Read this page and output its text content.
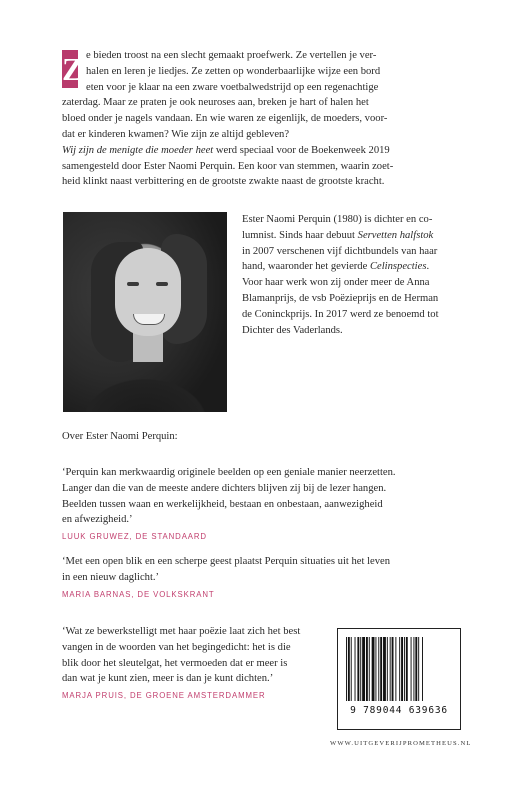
Z e bieden troost na een slecht gemaakt proefwerk. Ze vertellen je ver-
halen en leren je liedjes. Ze zetten op wonderbaarlijke wijze een bord
eten voor je klaar na een zware voetbalwedstrijd op een regenachtige
zaterdag. Maar ze praten je ook neuroses aan, breken je hart of halen het
bloed onder je nagels vandaan. En wie waren ze eigenlijk, de moeders, voor-
dat er kinderen kwamen? Wie zijn ze altijd gebleven?
Wij zijn de menigte die moeder heet werd speciaal voor de Boekenweek 2019
samengesteld door Ester Naomi Perquin. Een koor van stemmen, waarin zoet-
heid klinkt naast verbittering en de grootste zwakte naast de grootste kracht.
Ester Naomi Perquin (1980) is dichter en co-
lumnist. Sinds haar debuut Servetten halfstok
in 2007 verschenen vijf dichtbundels van haar
hand, waaronder het gevierde Celinspecties.
Voor haar werk won zij onder meer de Anna
Blamanprijs, de vsb Poëzieprijs en de Herman
de Coninckprijs. In 2017 werd ze benoemd tot
Dichter des Vaderlands.
Over Ester Naomi Perquin:
‘Perquin kan merkwaardig originele beelden op een geniale manier neerzetten.
Langer dan die van de meeste andere dichters blijven zij bij de lezer hangen.
Beelden tussen waan en werkelijkheid, bestaan en onbestaan, aanwezigheid
en afwezigheid.’
LUUK GRUWEZ, DE STANDAARD
‘Met een open blik en een scherpe geest plaatst Perquin situaties uit het leven
in een nieuw daglicht.’
MARIA BARNAS, DE VOLKSKRANT
‘Wat ze bewerkstelligt met haar poëzie laat zich het best
vangen in de woorden van het begingedicht: het is die
blik door het sleutelgat, het vermoeden dat er meer is
dan wat je kunt zien, meer is dan je kunt dichten.’
MARJA PRUIS, DE GROENE AMSTERDAMMER
9 789044 639636
WWW.UITGEVERIJPROMETHEUS.NL
